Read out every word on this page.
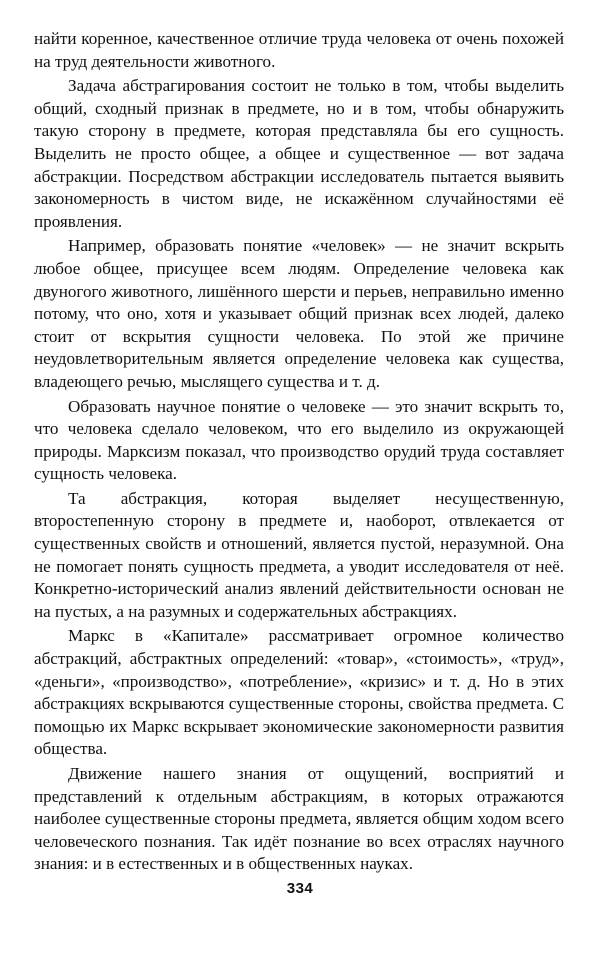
найти коренное, качественное отличие труда человека от очень похожей на труд деятельности животного.

Задача абстрагирования состоит не только в том, чтобы выделить общий, сходный признак в предмете, но и в том, чтобы обнаружить такую сторону в предмете, которая представляла бы его сущность. Выделить не просто общее, а общее и существенное — вот задача абстракции. Посредством абстракции исследователь пытается выявить закономерность в чистом виде, не искажённом случайностями её проявления.

Например, образовать понятие «человек» — не значит вскрыть любое общее, присущее всем людям. Определение человека как двуногого животного, лишённого шерсти и перьев, неправильно именно потому, что оно, хотя и указывает общий признак всех людей, далеко стоит от вскрытия сущности человека. По этой же причине неудовлетворительным является определение человека как существа, владеющего речью, мыслящего существа и т. д.

Образовать научное понятие о человеке — это значит вскрыть то, что человека сделало человеком, что его выделило из окружающей природы. Марксизм показал, что производство орудий труда составляет сущность человека.

Та абстракция, которая выделяет несущественную, второстепенную сторону в предмете и, наоборот, отвлекается от существенных свойств и отношений, является пустой, неразумной. Она не помогает понять сущность предмета, а уводит исследователя от неё. Конкретно-исторический анализ явлений действительности основан не на пустых, а на разумных и содержательных абстракциях.

Маркс в «Капитале» рассматривает огромное количество абстракций, абстрактных определений: «товар», «стоимость», «труд», «деньги», «производство», «потребление», «кризис» и т. д. Но в этих абстракциях вскрываются существенные стороны, свойства предмета. С помощью их Маркс вскрывает экономические закономерности развития общества.

Движение нашего знания от ощущений, восприятий и представлений к отдельным абстракциям, в которых отражаются наиболее существенные стороны предмета, является общим ходом всего человеческого познания. Так идёт познание во всех отраслях научного знания: и в естественных и в общественных науках.

334
